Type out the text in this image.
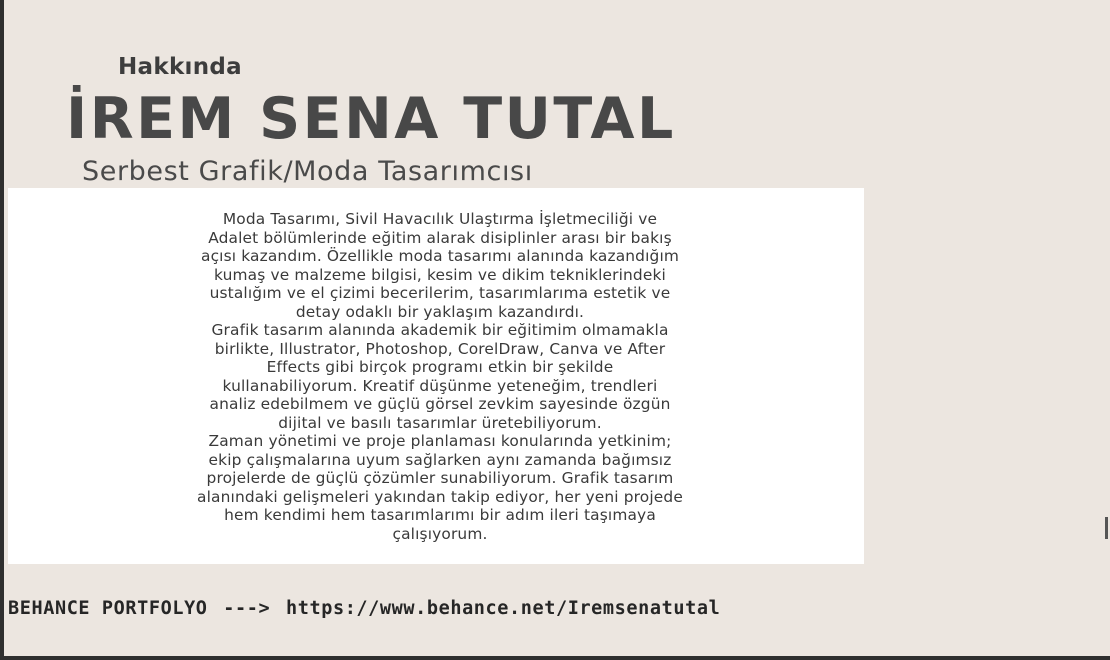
Hakkında
İREM SENA TUTAL
Serbest Grafik/Moda Tasarımcısı
Moda Tasarımı, Sivil Havacılık Ulaştırma İşletmeciliği ve
Adalet bölümlerinde eğitim alarak disiplinler arası bir bakış
açısı kazandım. Özellikle moda tasarımı alanında kazandığım
kumaş ve malzeme bilgisi, kesim ve dikim tekniklerindeki
ustalığım ve el çizimi becerilerim, tasarımlarıma estetik ve
detay odaklı bir yaklaşım kazandırdı.
Grafik tasarım alanında akademik bir eğitimim olmamakla
birlikte, Illustrator, Photoshop, CorelDraw, Canva ve After
Effects gibi birçok programı etkin bir şekilde
kullanabiliyorum. Kreatif düşünme yeteneğim, trendleri
analiz edebilmem ve güçlü görsel zevkim sayesinde özgün
dijital ve basılı tasarımlar üretebiliyorum.
Zaman yönetimi ve proje planlaması konularında yetkinim;
ekip çalışmalarına uyum sağlarken aynı zamanda bağımsız
projelerde de güçlü çözümler sunabiliyorum. Grafik tasarım
alanındaki gelişmeleri yakından takip ediyor, her yeni projede
hem kendimi hem tasarımlarımı bir adım ileri taşımaya
çalışıyorum.
BEHANCE PORTFOLYO ---> https://www.behance.net/Iremsenatutal
